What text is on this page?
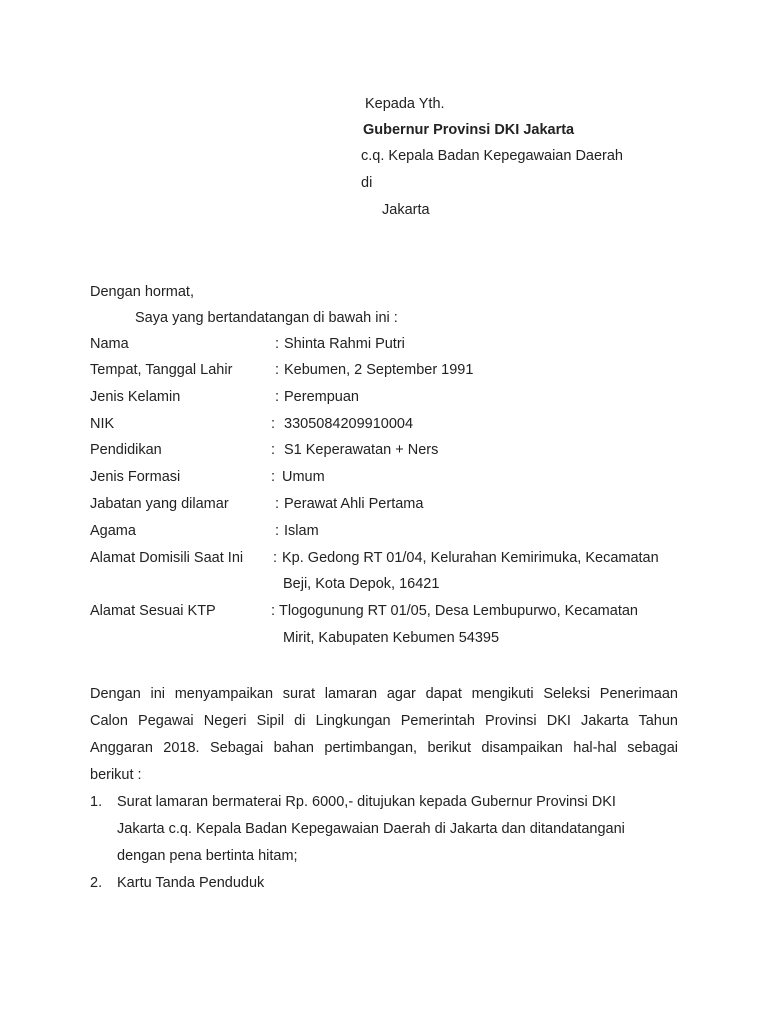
Kepada Yth.
Gubernur Provinsi DKI Jakarta
c.q. Kepala Badan Kepegawaian Daerah
di
Jakarta
Dengan hormat,
Saya yang bertandatangan di bawah ini :
Nama	: Shinta Rahmi Putri
Tempat, Tanggal Lahir	: Kebumen, 2 September 1991
Jenis Kelamin	: Perempuan
NIK	: 3305084209910004
Pendidikan	: S1 Keperawatan + Ners
Jenis Formasi	: Umum
Jabatan yang dilamar	: Perawat Ahli Pertama
Agama	: Islam
Alamat Domisili Saat Ini : Kp. Gedong RT 01/04, Kelurahan Kemirimuka, Kecamatan
Beji, Kota Depok, 16421
Alamat Sesuai KTP	: Tlogogunung RT 01/05, Desa Lembupurwo, Kecamatan
Mirit, Kabupaten Kebumen 54395
Dengan ini menyampaikan surat lamaran agar dapat mengikuti Seleksi Penerimaan
Calon Pegawai Negeri Sipil di Lingkungan Pemerintah Provinsi DKI Jakarta Tahun
Anggaran 2018. Sebagai bahan pertimbangan, berikut disampaikan hal-hal sebagai
berikut :
1. Surat lamaran bermaterai Rp. 6000,- ditujukan kepada Gubernur Provinsi DKI
Jakarta c.q. Kepala Badan Kepegawaian Daerah di Jakarta dan ditandatangani
dengan pena bertinta hitam;
2. Kartu Tanda Penduduk
